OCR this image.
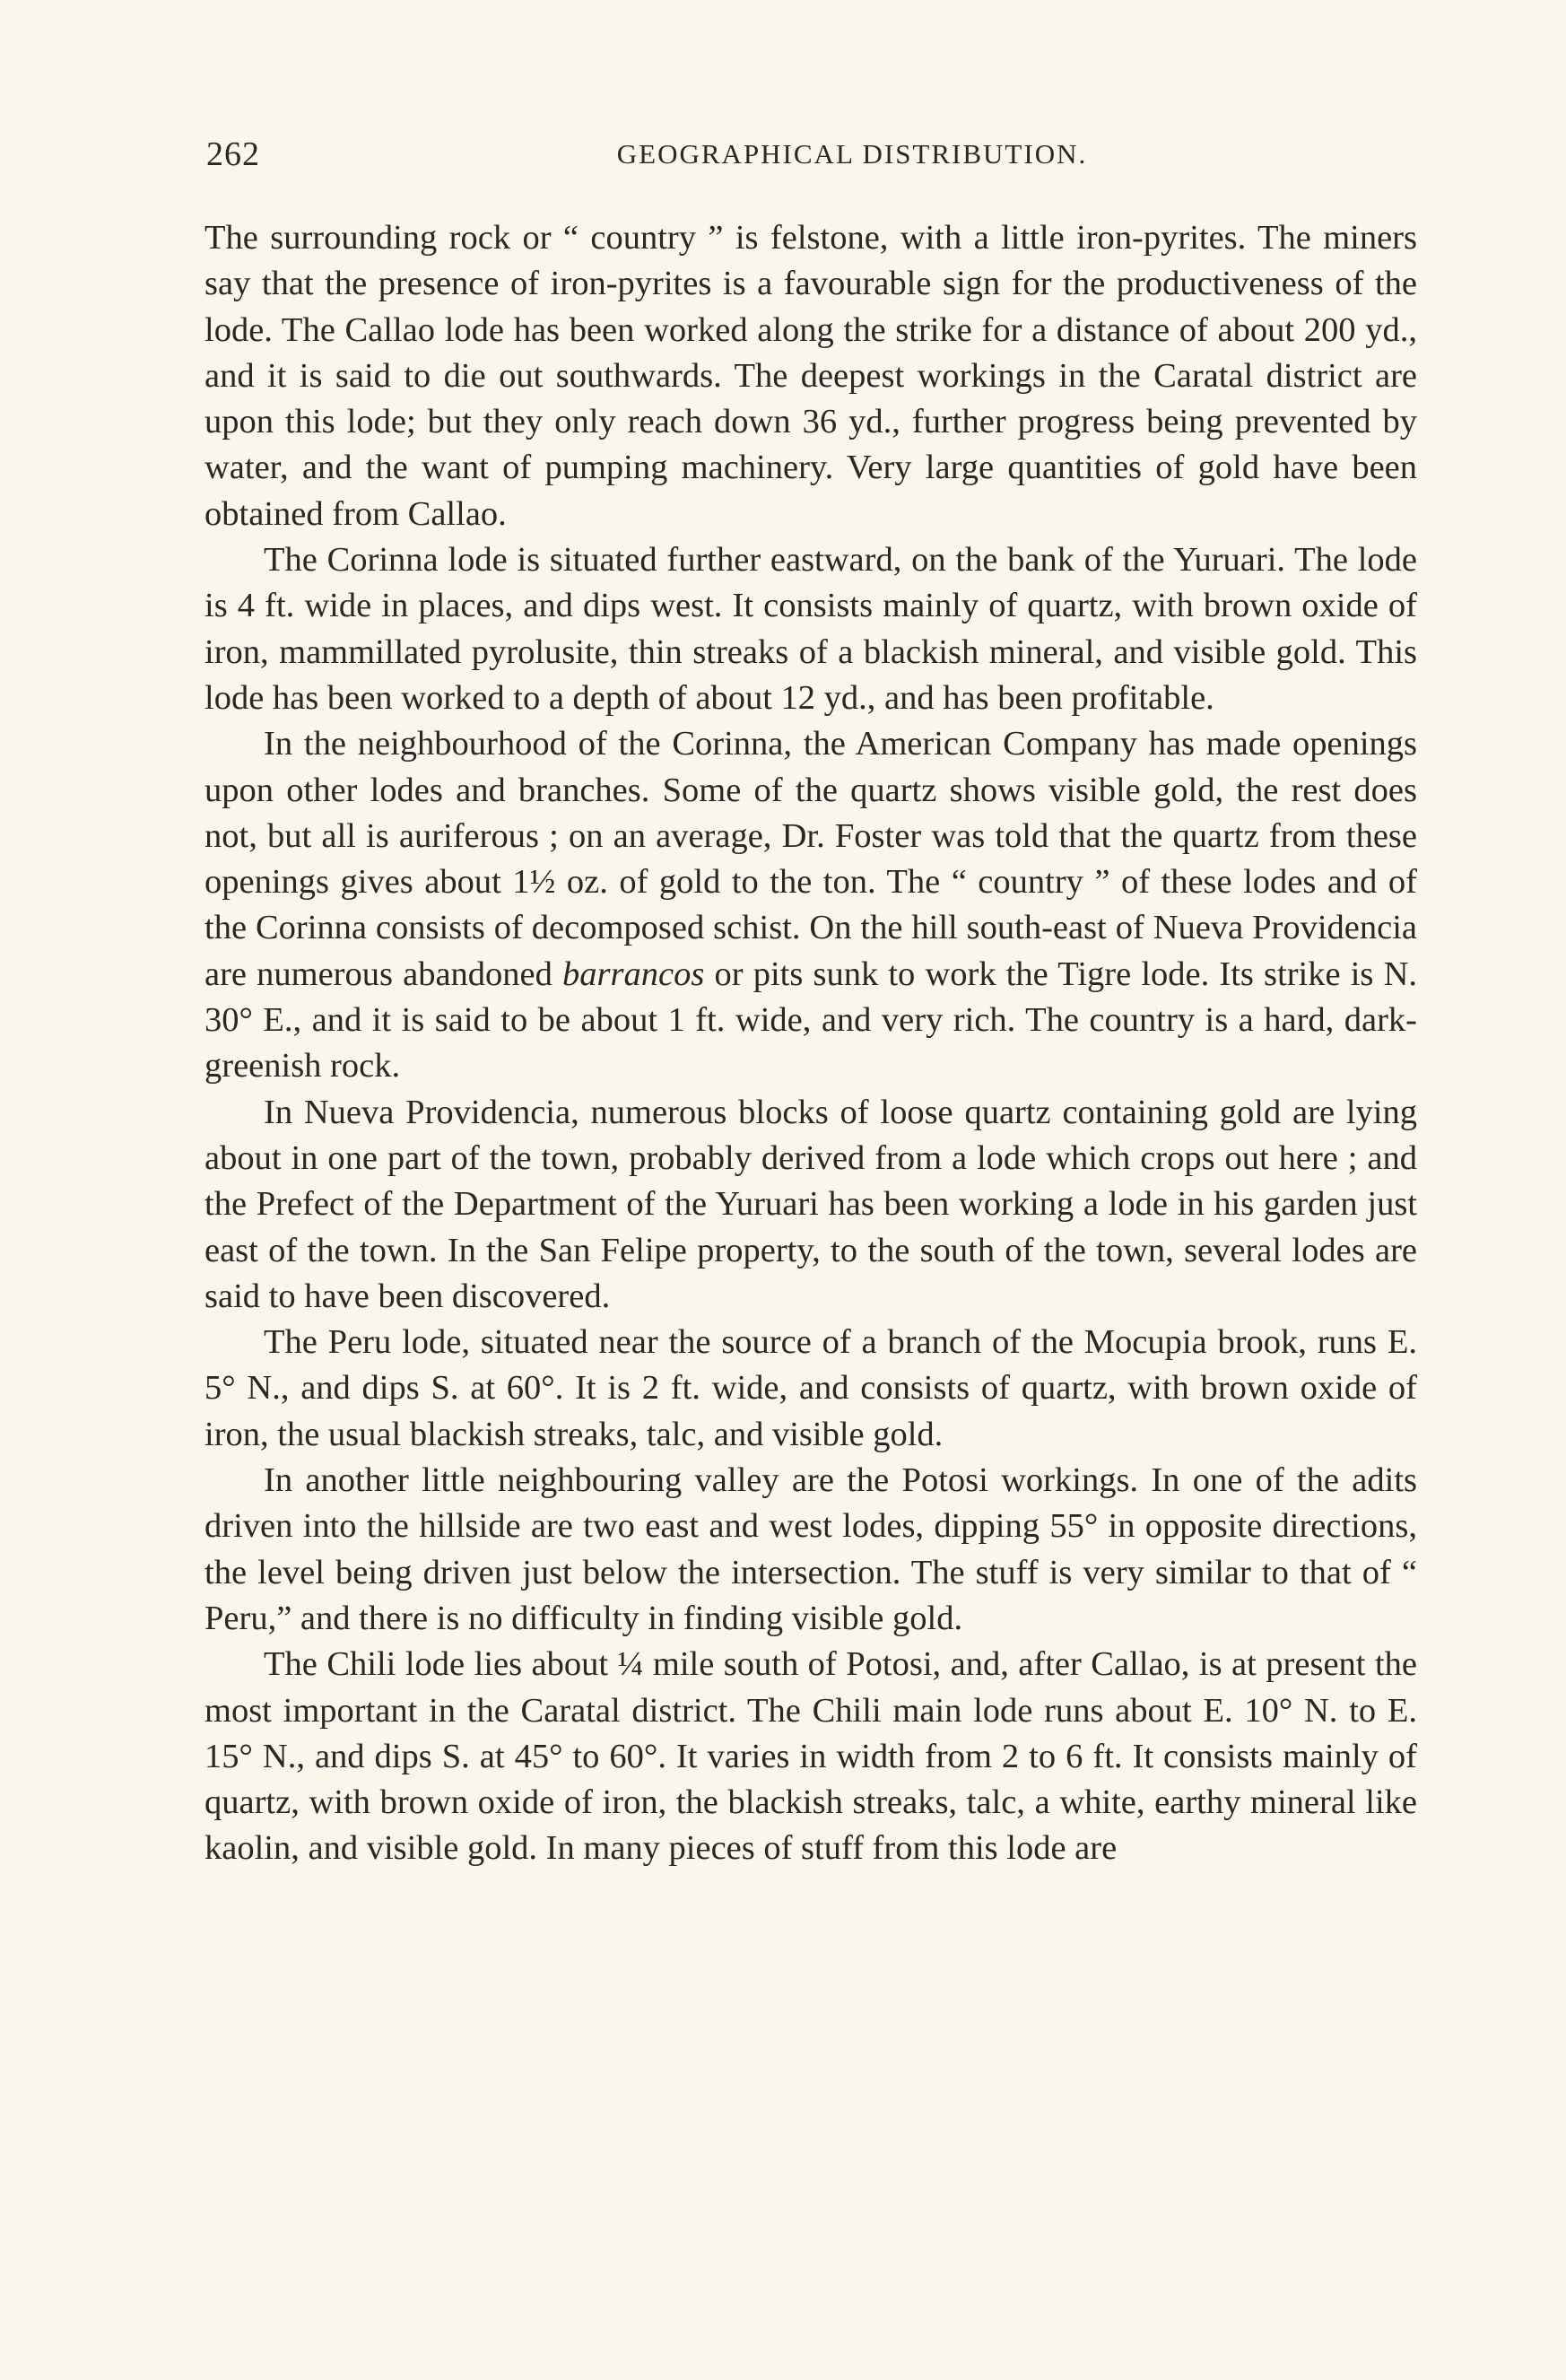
262	GEOGRAPHICAL DISTRIBUTION.

The surrounding rock or “ country ” is felstone, with a little iron-pyrites. The miners say that the presence of iron-pyrites is a favourable sign for the productiveness of the lode. The Callao lode has been worked along the strike for a distance of about 200 yd., and it is said to die out southwards. The deepest workings in the Caratal district are upon this lode; but they only reach down 36 yd., further progress being prevented by water, and the want of pumping machinery. Very large quantities of gold have been obtained from Callao.

The Corinna lode is situated further eastward, on the bank of the Yuruari. The lode is 4 ft. wide in places, and dips west. It consists mainly of quartz, with brown oxide of iron, mammillated pyrolusite, thin streaks of a blackish mineral, and visible gold. This lode has been worked to a depth of about 12 yd., and has been profitable.

In the neighbourhood of the Corinna, the American Company has made openings upon other lodes and branches. Some of the quartz shows visible gold, the rest does not, but all is auriferous ; on an average, Dr. Foster was told that the quartz from these openings gives about 1½ oz. of gold to the ton. The “ country ” of these lodes and of the Corinna consists of decomposed schist. On the hill south-east of Nueva Providencia are numerous abandoned barrancos or pits sunk to work the Tigre lode. Its strike is N. 30° E., and it is said to be about 1 ft. wide, and very rich. The country is a hard, dark-greenish rock.

In Nueva Providencia, numerous blocks of loose quartz containing gold are lying about in one part of the town, probably derived from a lode which crops out here ; and the Prefect of the Department of the Yuruari has been working a lode in his garden just east of the town. In the San Felipe property, to the south of the town, several lodes are said to have been discovered.

The Peru lode, situated near the source of a branch of the Mocupia brook, runs E. 5° N., and dips S. at 60°. It is 2 ft. wide, and consists of quartz, with brown oxide of iron, the usual blackish streaks, talc, and visible gold.

In another little neighbouring valley are the Potosi workings. In one of the adits driven into the hillside are two east and west lodes, dipping 55° in opposite directions, the level being driven just below the intersection. The stuff is very similar to that of “ Peru,” and there is no difficulty in finding visible gold.

The Chili lode lies about ¼ mile south of Potosi, and, after Callao, is at present the most important in the Caratal district. The Chili main lode runs about E. 10° N. to E. 15° N., and dips S. at 45° to 60°. It varies in width from 2 to 6 ft. It consists mainly of quartz, with brown oxide of iron, the blackish streaks, talc, a white, earthy mineral like kaolin, and visible gold. In many pieces of stuff from this lode are
